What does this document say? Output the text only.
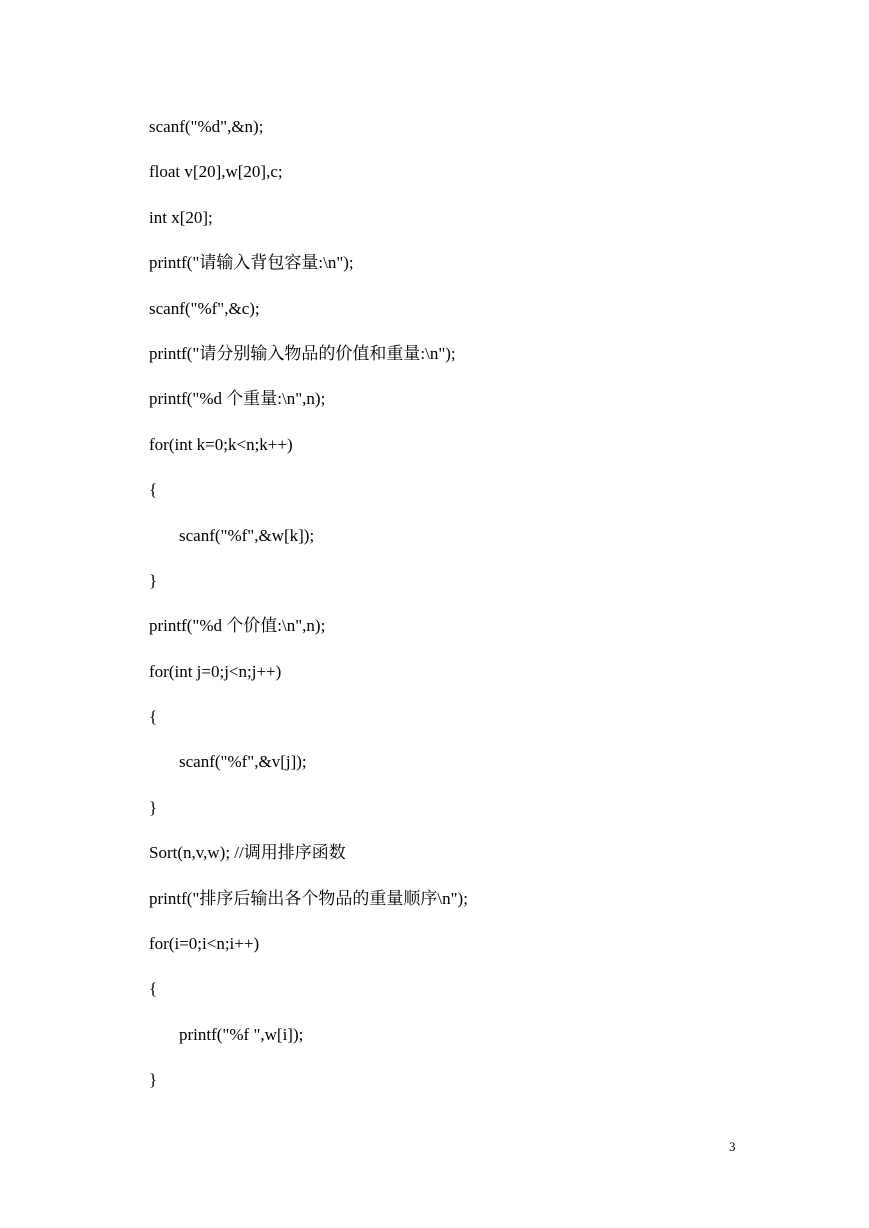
scanf("%d",&n);
float v[20],w[20],c;
int x[20];
printf("请输入背包容量:\n");
scanf("%f",&c);
printf("请分别输入物品的价值和重量:\n");
printf("%d 个重量:\n",n);
for(int k=0;k<n;k++)
{
scanf("%f",&w[k]);
}
printf("%d 个价值:\n",n);
for(int j=0;j<n;j++)
{
scanf("%f",&v[j]);
}
Sort(n,v,w); //调用排序函数
printf("排序后输出各个物品的重量顺序\n");
for(i=0;i<n;i++)
{
printf("%f ",w[i]);
}
3
